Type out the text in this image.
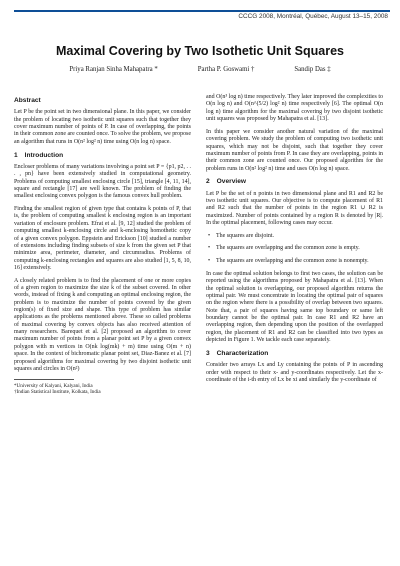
CCCG 2008, Montréal, Québec, August 13–15, 2008
Maximal Covering by Two Isothetic Unit Squares
Priya Ranjan Sinha Mahapatra *	Partha P. Goswami †	Sandip Das ‡
Abstract

Let P be the point set in two dimensional plane. In this paper, we consider the problem of locating two isothetic unit squares such that together they cover maximum number of points of P. In case of overlapping, the points in their common zone are counted once. To solve the problem, we propose an algorithm that runs in O(n² log² n) time using O(n log n) space.

1 Introduction

Encloser problems of many variations involving a point set P = {p1, p2, . . . , pn} have been extensively studied in computational geometry. Problems of computing smallest enclosing circle [15], triangle [4, 11, 14], square and rectangle [17] are well known. The problem of finding the smallest enclosing convex polygon is the famous convex hull problem.

Finding the smallest region of given type that contains k points of P, that is, the problem of computing smallest k enclosing region is an important variation of enclosure problem. Efrat et al. [9, 12] studied the problem of computing smallest k-enclosing circle and k-enclosing homothetic copy of a given convex polygon. Eppstein and Erickson [10] studied a number of extensions including finding subsets of size k from the given set P that minimize area, perimeter, diameter, and circumradius. Problems of computing k-enclosing rectangles and squares are also studied [1, 5, 8, 10, 16] extensively.

A closely related problem is to find the placement of one or more copies of a given region to maximize the size k of the subset covered. In other words, instead of fixing k and computing an optimal enclosing region, the problem is to maximize the number of points covered by the given region(s) of fixed size and shape. This type of problem has similar applications as the problems mentioned above. These so called problems of maximal covering by convex objects has also received attention of many researchers. Barequet et al. [2] proposed an algorithm to cover maximum number of points from a planar point set P by a given convex polygon with m vertices in O(nk log(mk) + m) time using O(m + n) space. In the context of bichromatic planar point set, Diaz-Banez et al. [7] proposed algorithms for maximal covering by two disjoint isothetic unit squares and circles in O(n²)

*University of Kalyani, Kalyani, India
†Indian Statistical Institute, Kolkata, India

and O(n³ log n) time respectively. They later improved the complexities to O(n log n) and O(n^(5/2) log² n) time respectively [6]. The optimal O(n log n) time algorithm for the maximal covering by two disjoint isothetic unit squares was proposed by Mahapatra et al. [13].

In this paper we consider another natural variation of the maximal covering problem. We study the problem of computing two isothetic unit squares, which may not be disjoint, such that together they cover maximum number of points from P. In case they are overlapping, points in their common zone are counted once. Our proposed algorithm for the problem runs in O(n² log² n) time and uses O(n log n) space.

2 Overview

Let P be the set of n points in two dimensional plane and R1 and R2 be two isothetic unit squares. Our objective is to compute placement of R1 and R2 such that the number of points in the region R1 ∪ R2 is maximized. Number of points contained by a region R is denoted by |R|. In the optimal placement, following cases may occur.

• The squares are disjoint.
• The squares are overlapping and the common zone is empty.
• The squares are overlapping and the common zone is nonempty.

In case the optimal solution belongs to first two cases, the solution can be reported using the algorithms proposed by Mahapatra et al. [13]. When the optimal solution is overlapping, our proposed algorithm returns the optimal pair. We must concentrate in locating the optimal pair of squares on the region where there is a possibility of overlap between two squares. Note that, a pair of squares having same top boundary or same left boundary cannot be the optimal pair. In case R1 and R2 have an overlapping region, then depending upon the position of the overlapped region, the placement of R1 and R2 can be classified into two types as depicted in Figure 1. We tackle each case separately.

3 Characterization

Consider two arrays Lx and Ly containing the points of P in ascending order with respect to their x- and y-coordinates respectively. Let the x-coordinate of the i-th entry of Lx be xi and similarly the y-coordinate of
